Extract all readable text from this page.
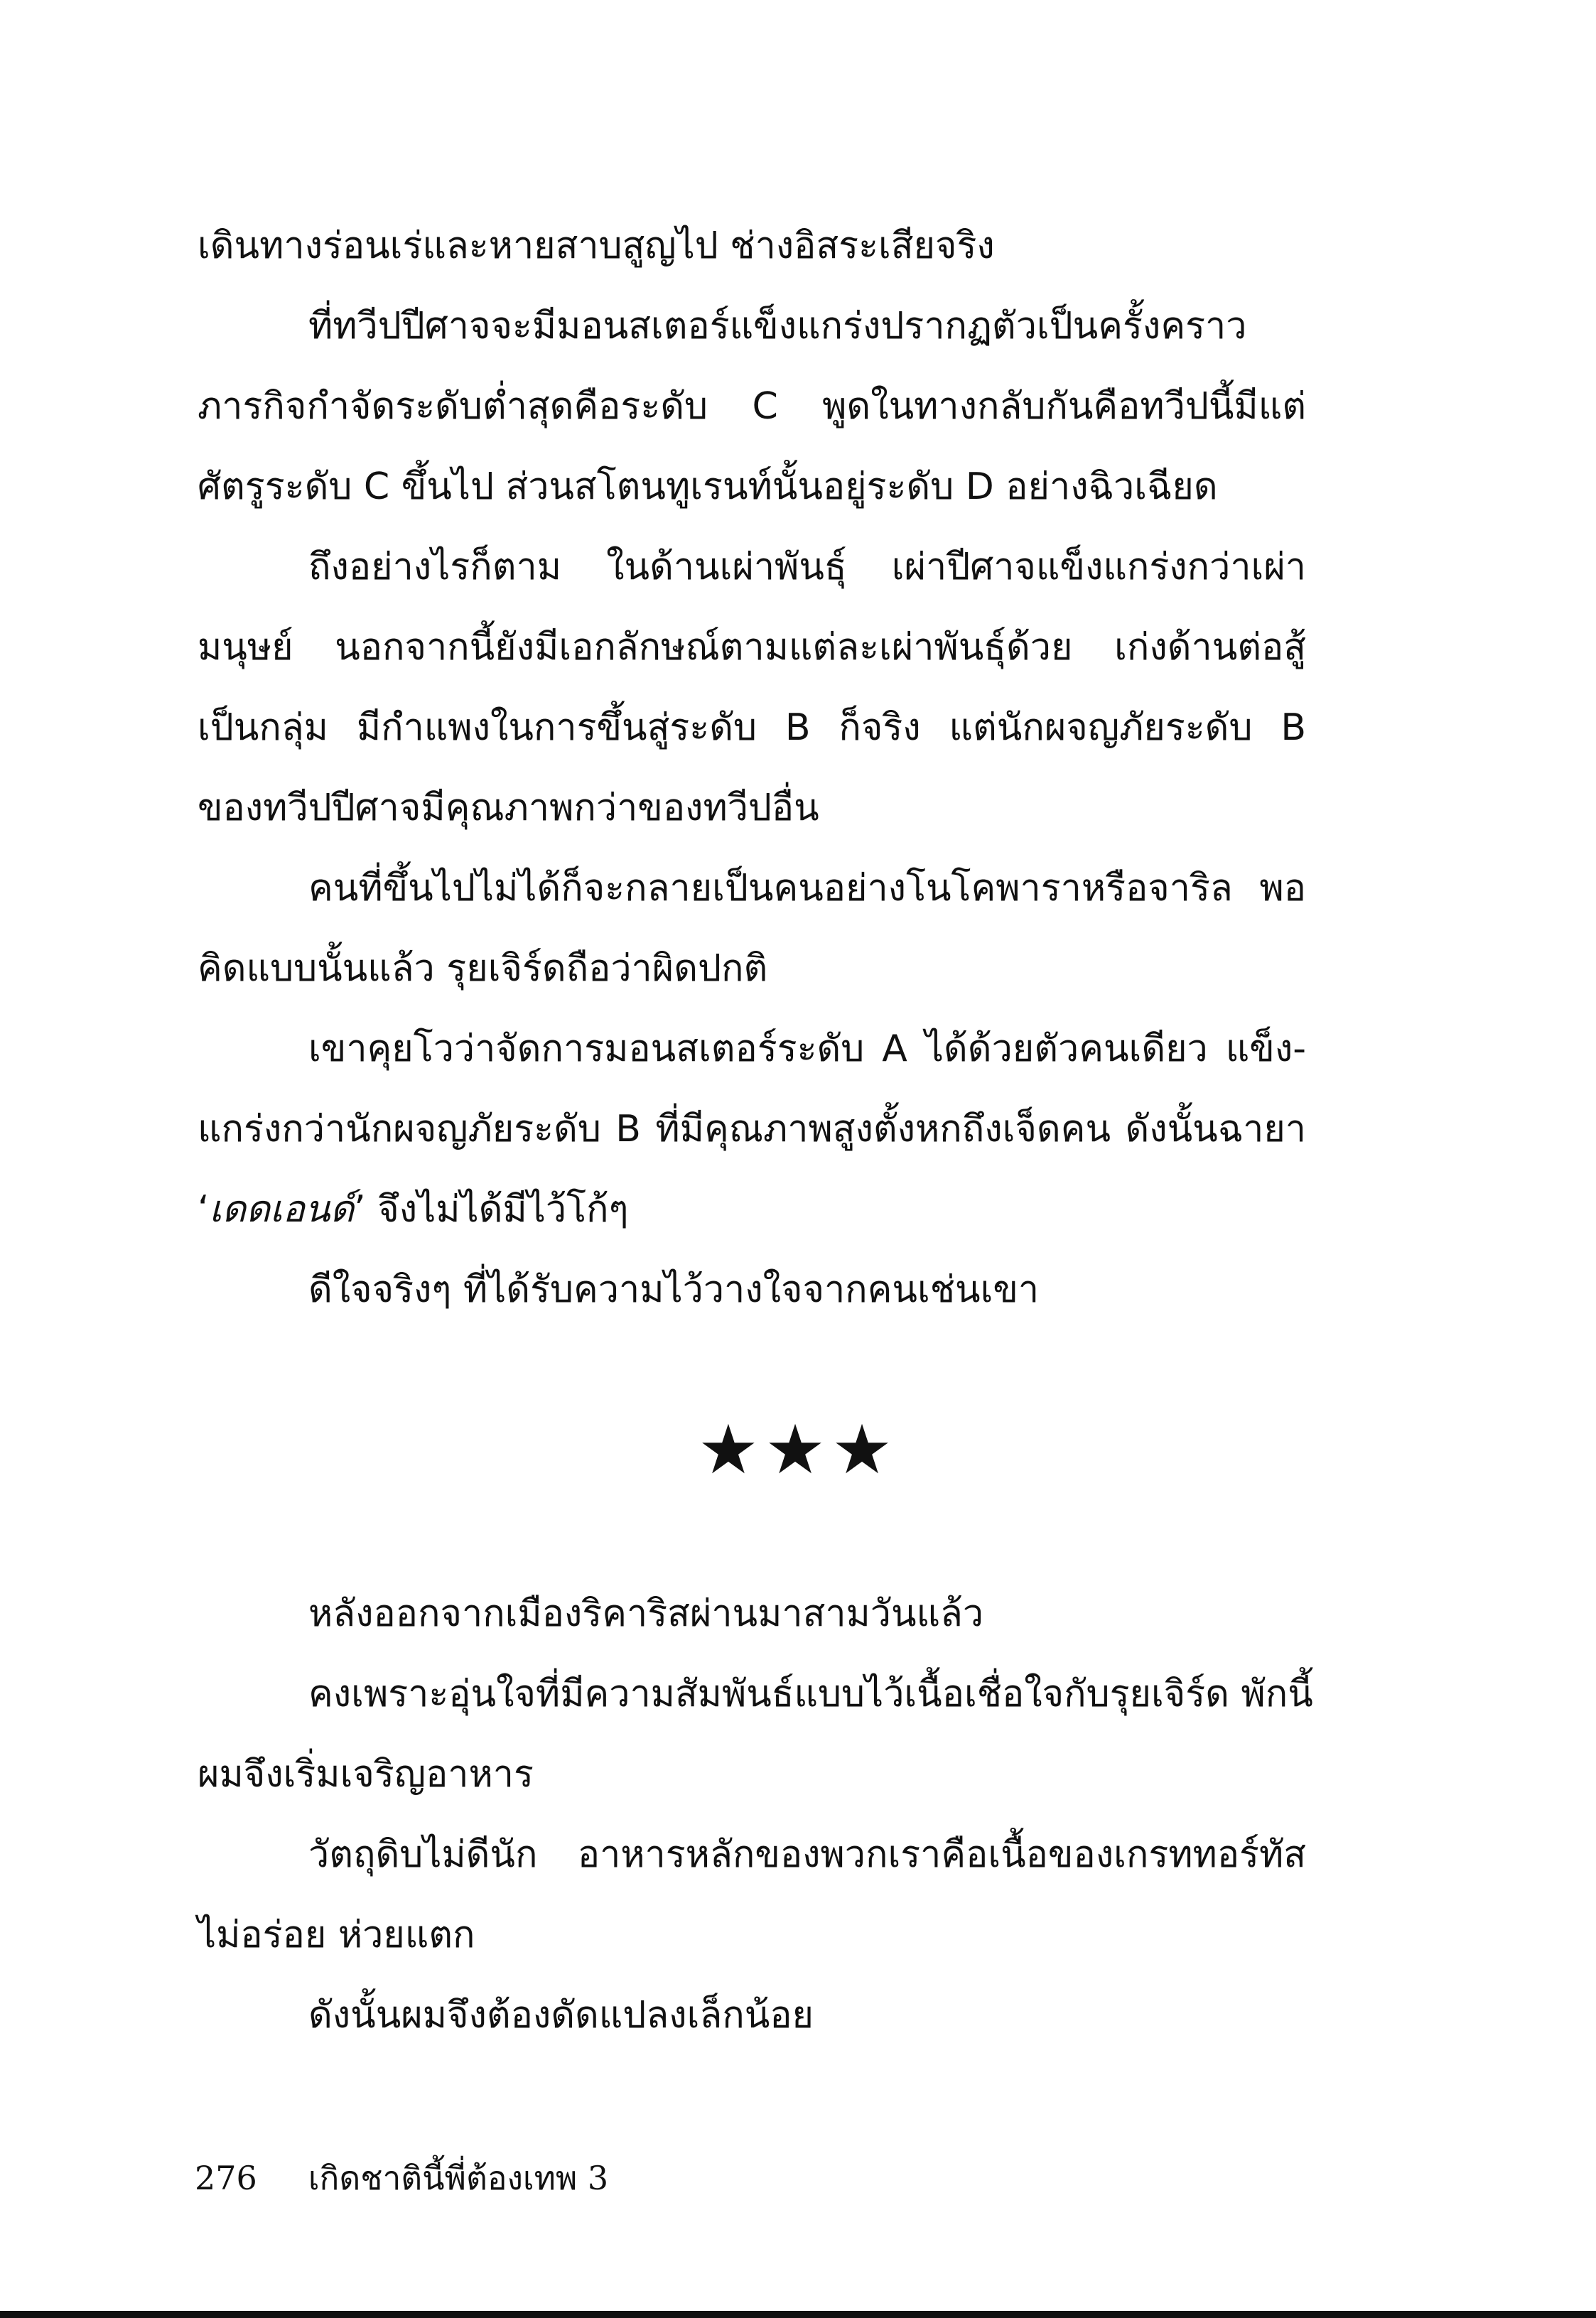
เดินทางร่อนเร่และหายสาบสูญไป ช่างอิสระเสียจริง
ที่ทวีปปีศาจจะมีมอนสเตอร์แข็งแกร่งปรากฏตัวเป็นครั้งคราว
ภารกิจกำจัดระดับต่ำสุดคือระดับ C พูดในทางกลับกันคือทวีปนี้มีแต่
ศัตรูระดับ C ขึ้นไป ส่วนสโตนทูเรนท์นั้นอยู่ระดับ D อย่างฉิวเฉียด
ถึงอย่างไรก็ตาม ในด้านเผ่าพันธุ์ เผ่าปีศาจแข็งแกร่งกว่าเผ่า
มนุษย์ นอกจากนี้ยังมีเอกลักษณ์ตามแต่ละเผ่าพันธุ์ด้วย เก่งด้านต่อสู้
เป็นกลุ่ม มีกำแพงในการขึ้นสู่ระดับ B ก็จริง แต่นักผจญภัยระดับ B
ของทวีปปีศาจมีคุณภาพกว่าของทวีปอื่น
คนที่ขึ้นไปไม่ได้ก็จะกลายเป็นคนอย่างโนโคพาราหรือจาริล พอ
คิดแบบนั้นแล้ว รุยเจิร์ดถือว่าผิดปกติ
เขาคุยโวว่าจัดการมอนสเตอร์ระดับ A ได้ด้วยตัวคนเดียว แข็ง-
แกร่งกว่านักผจญภัยระดับ B ที่มีคุณภาพสูงตั้งหกถึงเจ็ดคน ดังนั้นฉายา
‘เดดเอนด์’ จึงไม่ได้มีไว้โก้ๆ
ดีใจจริงๆ ที่ได้รับความไว้วางใจจากคนเช่นเขา
★★★
หลังออกจากเมืองริคาริสผ่านมาสามวันแล้ว
คงเพราะอุ่นใจที่มีความสัมพันธ์แบบไว้เนื้อเชื่อใจกับรุยเจิร์ด พักนี้
ผมจึงเริ่มเจริญอาหาร
วัตถุดิบไม่ดีนัก อาหารหลักของพวกเราคือเนื้อของเกรททอร์ทัส
ไม่อร่อย ห่วยแตก
ดังนั้นผมจึงต้องดัดแปลงเล็กน้อย
276 เกิดชาตินี้พี่ต้องเทพ 3
